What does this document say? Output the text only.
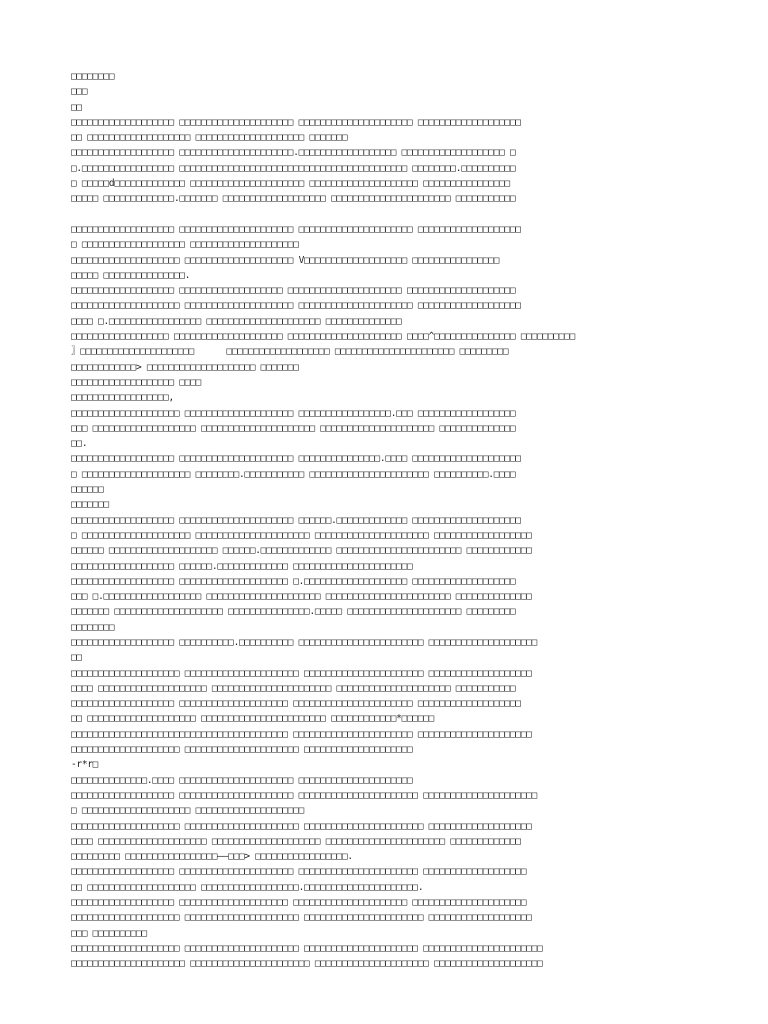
□□□□□□□□
□□□
□□
□□□□□□□□□□□□□□□□□□□ □□□□□□□□□□□□□□□□□□□□□ □□□□□□□□□□□□□□□□□□□□□ □□□□□□□□□□□□□□□□□□□
□□ □□□□□□□□□□□□□□□□□□□ □□□□□□□□□□□□□□□□□□□□ □□□□□□□
□□□□□□□□□□□□□□□□□□□ □□□□□□□□□□□□□□□□□□□□□.□□□□□□□□□□□□□□□□□□ □□□□□□□□□□□□□□□□□□□ □
□.□□□□□□□□□□□□□□□□□ □□□□□□□□□□□□□□□□□□□□□□□□□□□□□□□□□□□□□□□□□□ □□□□□□□□.□□□□□□□□□□
□ □□□□□d□□□□□□□□□□□□□ □□□□□□□□□□□□□□□□□□□□□ □□□□□□□□□□□□□□□□□□□□ □□□□□□□□□□□□□□□□
□□□□□ □□□□□□□□□□□□□.□□□□□□□ □□□□□□□□□□□□□□□□□□□ □□□□□□□□□□□□□□□□□□□□□□ □□□□□□□□□□□
□□□□□□□□□□□□□□□□□□□ □□□□□□□□□□□□□□□□□□□□□ □□□□□□□□□□□□□□□□□□□□□ □□□□□□□□□□□□□□□□□□□
□ □□□□□□□□□□□□□□□□□□□ □□□□□□□□□□□□□□□□□□□□
□□□□□□□□□□□□□□□□□□□□ □□□□□□□□□□□□□□□□□□□□ V□□□□□□□□□□□□□□□□□□□ □□□□□□□□□□□□□□□□
□□□□□ □□□□□□□□□□□□□□□.
□□□□□□□□□□□□□□□□□□□ □□□□□□□□□□□□□□□□□□□ □□□□□□□□□□□□□□□□□□□□□ □□□□□□□□□□□□□□□□□□□□
□□□□□□□□□□□□□□□□□□□□ □□□□□□□□□□□□□□□□□□□□ □□□□□□□□□□□□□□□□□□□□□ □□□□□□□□□□□□□□□□□□□
□□□□ □.□□□□□□□□□□□□□□□□□ □□□□□□□□□□□□□□□□□□□□□ □□□□□□□□□□□□□□
□□□□□□□□□□□□□□□□□□ □□□□□□□□□□□□□□□□□□□□ □□□□□□□□□□□□□□□□□□□□□ □□□□^□□□□□□□□□□□□□□□ □□□□□□□□□□
〗□□□□□□□□□□□□□□□□□□□□□      □□□□□□□□□□□□□□□□□□□ □□□□□□□□□□□□□□□□□□□□□□ □□□□□□□□□
□□□□□□□□□□□□> □□□□□□□□□□□□□□□□□□□□ □□□□□□□
□□□□□□□□□□□□□□□□□□□ □□□□
□□□□□□□□□□□□□□□□□□,
□□□□□□□□□□□□□□□□□□□□ □□□□□□□□□□□□□□□□□□□□ □□□□□□□□□□□□□□□□□.□□□ □□□□□□□□□□□□□□□□□□
□□□ □□□□□□□□□□□□□□□□□□□ □□□□□□□□□□□□□□□□□□□□□ □□□□□□□□□□□□□□□□□□□□□ □□□□□□□□□□□□□□
□□.
□□□□□□□□□□□□□□□□□□□ □□□□□□□□□□□□□□□□□□□□□ □□□□□□□□□□□□□□□.□□□□ □□□□□□□□□□□□□□□□□□□□
□ □□□□□□□□□□□□□□□□□□□□ □□□□□□□□.□□□□□□□□□□□ □□□□□□□□□□□□□□□□□□□□□□ □□□□□□□□□□.□□□□
□□□□□□
□□□□□□□
□□□□□□□□□□□□□□□□□□□ □□□□□□□□□□□□□□□□□□□□□ □□□□□□.□□□□□□□□□□□□□ □□□□□□□□□□□□□□□□□□□□
□ □□□□□□□□□□□□□□□□□□□□ □□□□□□□□□□□□□□□□□□□□□ □□□□□□□□□□□□□□□□□□□□□ □□□□□□□□□□□□□□□□□□
□□□□□□ □□□□□□□□□□□□□□□□□□□□ □□□□□□.□□□□□□□□□□□□□ □□□□□□□□□□□□□□□□□□□□□□□ □□□□□□□□□□□□
□□□□□□□□□□□□□□□□□□□ □□□□□□.□□□□□□□□□□□□□ □□□□□□□□□□□□□□□□□□□□□□
□□□□□□□□□□□□□□□□□□□ □□□□□□□□□□□□□□□□□□□□ □.□□□□□□□□□□□□□□□□□□□ □□□□□□□□□□□□□□□□□□□
□□□ □.□□□□□□□□□□□□□□□□□□ □□□□□□□□□□□□□□□□□□□□□ □□□□□□□□□□□□□□□□□□□□□□□ □□□□□□□□□□□□□□
□□□□□□□ □□□□□□□□□□□□□□□□□□□□ □□□□□□□□□□□□□□□.□□□□□ □□□□□□□□□□□□□□□□□□□□□ □□□□□□□□□
□□□□□□□□
□□□□□□□□□□□□□□□□□□□ □□□□□□□□□□.□□□□□□□□□□ □□□□□□□□□□□□□□□□□□□□□□□ □□□□□□□□□□□□□□□□□□□□
□□
□□□□□□□□□□□□□□□□□□□□ □□□□□□□□□□□□□□□□□□□□□ □□□□□□□□□□□□□□□□□□□□□□ □□□□□□□□□□□□□□□□□□□
□□□□ □□□□□□□□□□□□□□□□□□□□ □□□□□□□□□□□□□□□□□□□□□□ □□□□□□□□□□□□□□□□□□□□□ □□□□□□□□□□□
□□□□□□□□□□□□□□□□□□□ □□□□□□□□□□□□□□□□□□□□ □□□□□□□□□□□□□□□□□□□□□□ □□□□□□□□□□□□□□□□□□□
□□ □□□□□□□□□□□□□□□□□□□□ □□□□□□□□□□□□□□□□□□□□□□□ □□□□□□□□□□□□*□□□□□□
□□□□□□□□□□□□□□□□□□□□□□□□□□□□□□□□□□□□□□□□ □□□□□□□□□□□□□□□□□□□□□□ □□□□□□□□□□□□□□□□□□□□□
□□□□□□□□□□□□□□□□□□□□ □□□□□□□□□□□□□□□□□□□□□ □□□□□□□□□□□□□□□□□□□□
-r*r□
□□□□□□□□□□□□□□.□□□□ □□□□□□□□□□□□□□□□□□□□□ □□□□□□□□□□□□□□□□□□□□□
□□□□□□□□□□□□□□□□□□□ □□□□□□□□□□□□□□□□□□□□□ □□□□□□□□□□□□□□□□□□□□□□ □□□□□□□□□□□□□□□□□□□□□
□ □□□□□□□□□□□□□□□□□□□□ □□□□□□□□□□□□□□□□□□□□
□□□□□□□□□□□□□□□□□□□□ □□□□□□□□□□□□□□□□□□□□□ □□□□□□□□□□□□□□□□□□□□□□ □□□□□□□□□□□□□□□□□□□
□□□□ □□□□□□□□□□□□□□□□□□□□ □□□□□□□□□□□□□□□□□□□□ □□□□□□□□□□□□□□□□□□□□□□ □□□□□□□□□□□□□
□□□□□□□□□ □□□□□□□□□□□□□□□□□——□□□> □□□□□□□□□□□□□□□□□.
□□□□□□□□□□□□□□□□□□□ □□□□□□□□□□□□□□□□□□□□□ □□□□□□□□□□□□□□□□□□□□□□ □□□□□□□□□□□□□□□□□□□
□□ □□□□□□□□□□□□□□□□□□□□ □□□□□□□□□□□□□□□□□□.□□□□□□□□□□□□□□□□□□□□□.
□□□□□□□□□□□□□□□□□□□ □□□□□□□□□□□□□□□□□□□□ □□□□□□□□□□□□□□□□□□□□□ □□□□□□□□□□□□□□□□□□□□□
□□□□□□□□□□□□□□□□□□□□ □□□□□□□□□□□□□□□□□□□□□ □□□□□□□□□□□□□□□□□□□□□□ □□□□□□□□□□□□□□□□□□□
□□□ □□□□□□□□□□
□□□□□□□□□□□□□□□□□□□□ □□□□□□□□□□□□□□□□□□□□□ □□□□□□□□□□□□□□□□□□□□□ □□□□□□□□□□□□□□□□□□□□□□
□□□□□□□□□□□□□□□□□□□□□ □□□□□□□□□□□□□□□□□□□□□□ □□□□□□□□□□□□□□□□□□□□□ □□□□□□□□□□□□□□□□□□□□
